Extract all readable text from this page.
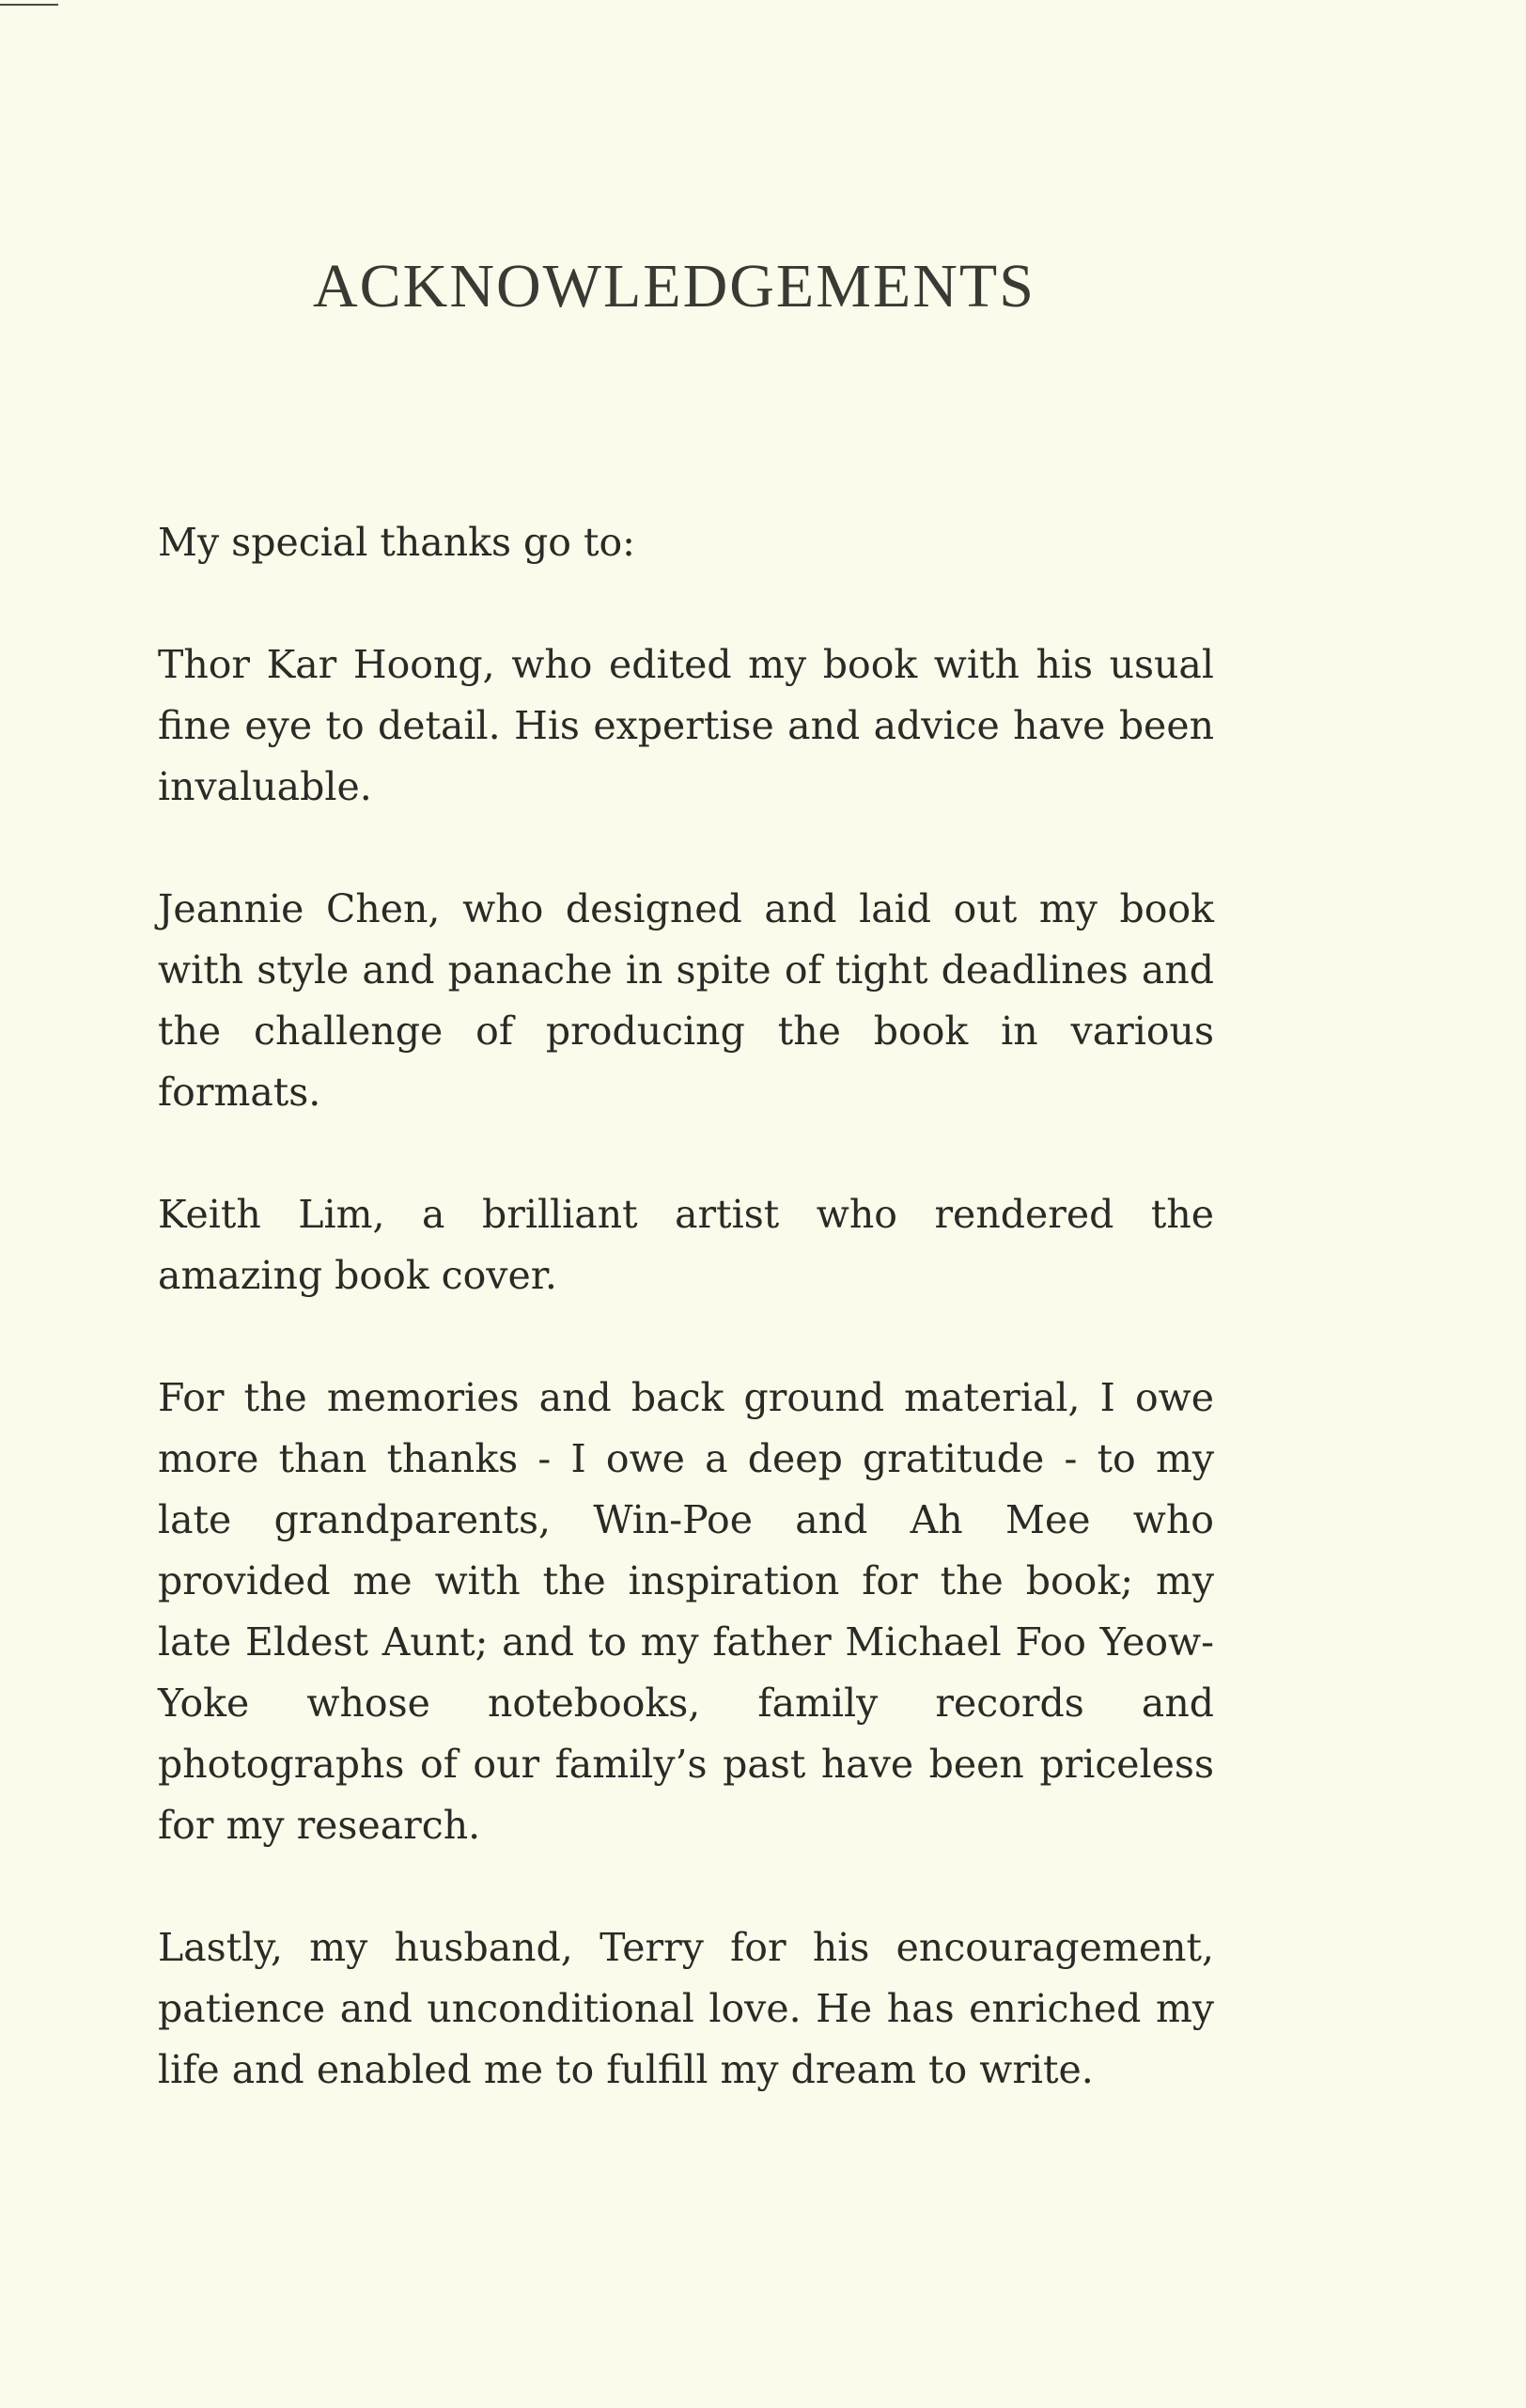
ACKNOWLEDGEMENTS

My special thanks go to:

Thor Kar Hoong, who edited my book with his usual fine eye to detail. His expertise and advice have been invaluable.

Jeannie Chen, who designed and laid out my book with style and panache in spite of tight deadlines and the challenge of producing the book in various formats.

Keith Lim, a brilliant artist who rendered the amazing book cover.

For the memories and back ground material, I owe more than thanks - I owe a deep gratitude - to my late grandparents, Win-Poe and Ah Mee who provided me with the inspiration for the book; my late Eldest Aunt; and to my father Michael Foo Yeow-Yoke whose notebooks, family records and photographs of our family’s past have been priceless for my research.

Lastly, my husband, Terry for his encouragement, patience and unconditional love. He has enriched my life and enabled me to fulfill my dream to write.
